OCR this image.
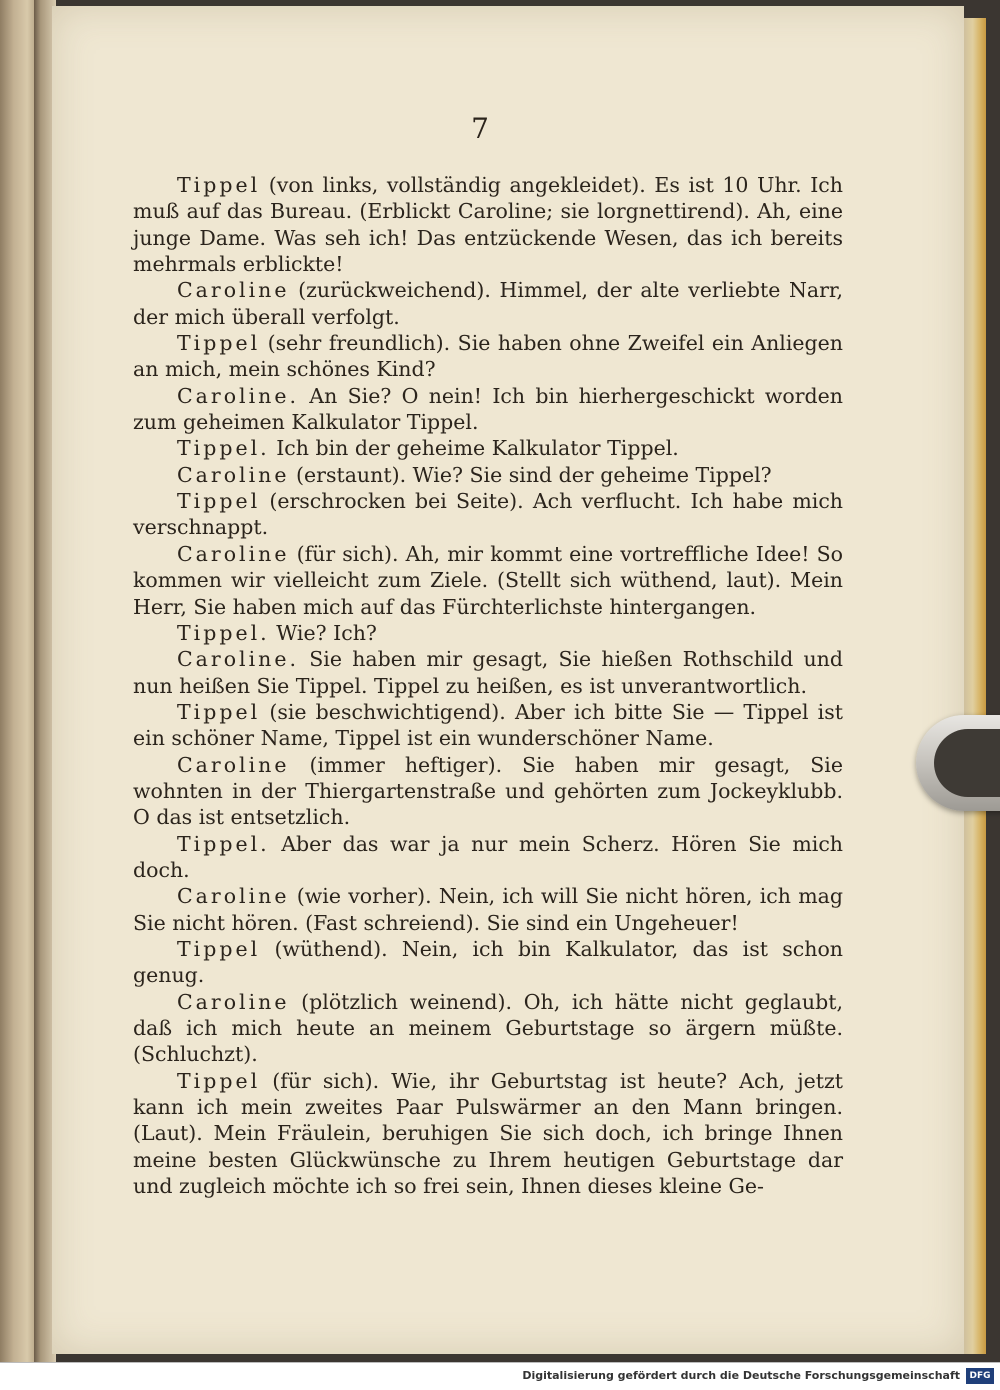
7

Tippel (von links, vollständig angekleidet). Es ist 10 Uhr. Ich muß auf das Bureau. (Erblickt Caroline; sie lorgnettirend). Ah, eine junge Dame. Was seh ich! Das entzückende Wesen, das ich bereits mehrmals erblickte!

Caroline (zurückweichend). Himmel, der alte verliebte Narr, der mich überall verfolgt.

Tippel (sehr freundlich). Sie haben ohne Zweifel ein Anliegen an mich, mein schönes Kind?

Caroline. An Sie? O nein! Ich bin hierhergeschickt worden zum geheimen Kalkulator Tippel.

Tippel. Ich bin der geheime Kalkulator Tippel.

Caroline (erstaunt). Wie? Sie sind der geheime Tippel?

Tippel (erschrocken bei Seite). Ach verflucht. Ich habe mich verschnappt.

Caroline (für sich). Ah, mir kommt eine vortreffliche Idee! So kommen wir vielleicht zum Ziele. (Stellt sich wüthend, laut). Mein Herr, Sie haben mich auf das Fürchterlichste hintergangen.

Tippel. Wie? Ich?

Caroline. Sie haben mir gesagt, Sie hießen Rothschild und nun heißen Sie Tippel. Tippel zu heißen, es ist unverantwortlich.

Tippel (sie beschwichtigend). Aber ich bitte Sie — Tippel ist ein schöner Name, Tippel ist ein wunderschöner Name.

Caroline (immer heftiger). Sie haben mir gesagt, Sie wohnten in der Thiergartenstraße und gehörten zum Jockeyklubb. O das ist entsetzlich.

Tippel. Aber das war ja nur mein Scherz. Hören Sie mich doch.

Caroline (wie vorher). Nein, ich will Sie nicht hören, ich mag Sie nicht hören. (Fast schreiend). Sie sind ein Ungeheuer!

Tippel (wüthend). Nein, ich bin Kalkulator, das ist schon genug.

Caroline (plötzlich weinend). Oh, ich hätte nicht geglaubt, daß ich mich heute an meinem Geburtstage so ärgern müßte. (Schluchzt).

Tippel (für sich). Wie, ihr Geburtstag ist heute? Ach, jetzt kann ich mein zweites Paar Pulswärmer an den Mann bringen. (Laut). Mein Fräulein, beruhigen Sie sich doch, ich bringe Ihnen meine besten Glückwünsche zu Ihrem heutigen Geburtstage dar und zugleich möchte ich so frei sein, Ihnen dieses kleine Ge-

Digitalisierung gefördert durch die Deutsche Forschungsgemeinschaft	DFG
